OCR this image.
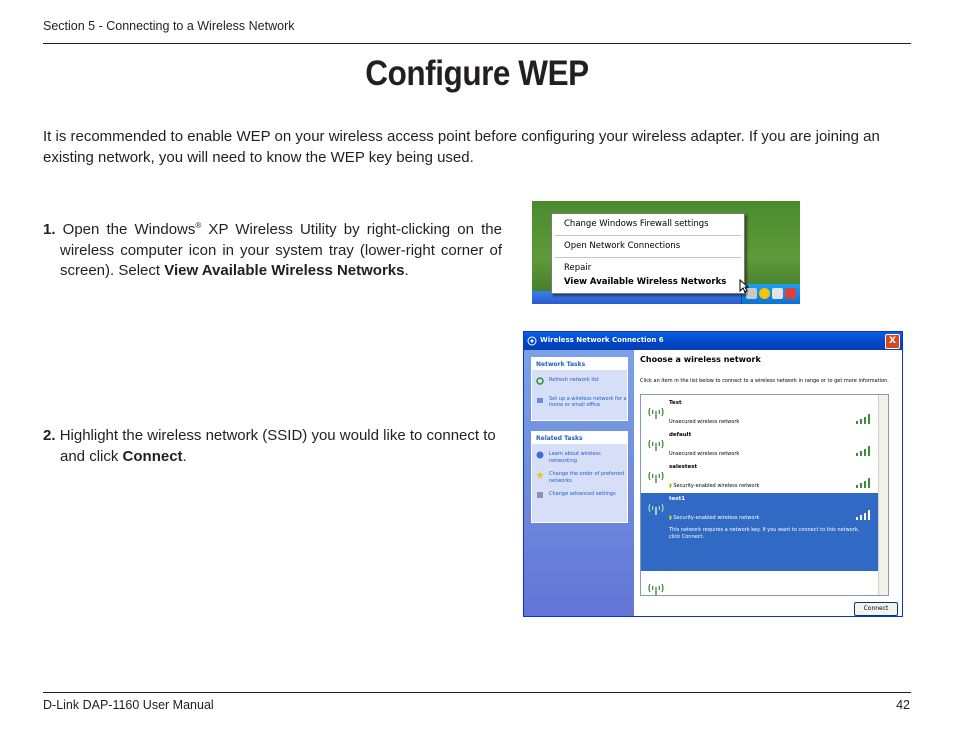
Section 5 - Connecting to a Wireless Network
Configure WEP
It is recommended to enable WEP on your wireless access point before configuring your wireless adapter. If you are joining an existing network, you will need to know the WEP key being used.
1. Open the Windows® XP Wireless Utility by right-clicking on the wireless computer icon in your system tray (lower-right corner of screen). Select View Available Wireless Networks.
2. Highlight the wireless network (SSID) you would like to connect to and click Connect.
Change Windows Firewall settings
Open Network Connections
Repair
View Available Wireless Networks
Wireless Network Connection 6	X
Network Tasks
Refresh network list
Set up a wireless network for a home or small office
Related Tasks
Learn about wireless networking
Change the order of preferred networks
Change advanced settings
Choose a wireless network
Click an item in the list below to connect to a wireless network in range or to get more information.
Test
Unsecured wireless network
default
Unsecured wireless network
salestest
▮ Security-enabled wireless network
test1
▮ Security-enabled wireless network
This network requires a network key. If you want to connect to this network, click Connect.
Connect
D-Link DAP-1160 User Manual	42
